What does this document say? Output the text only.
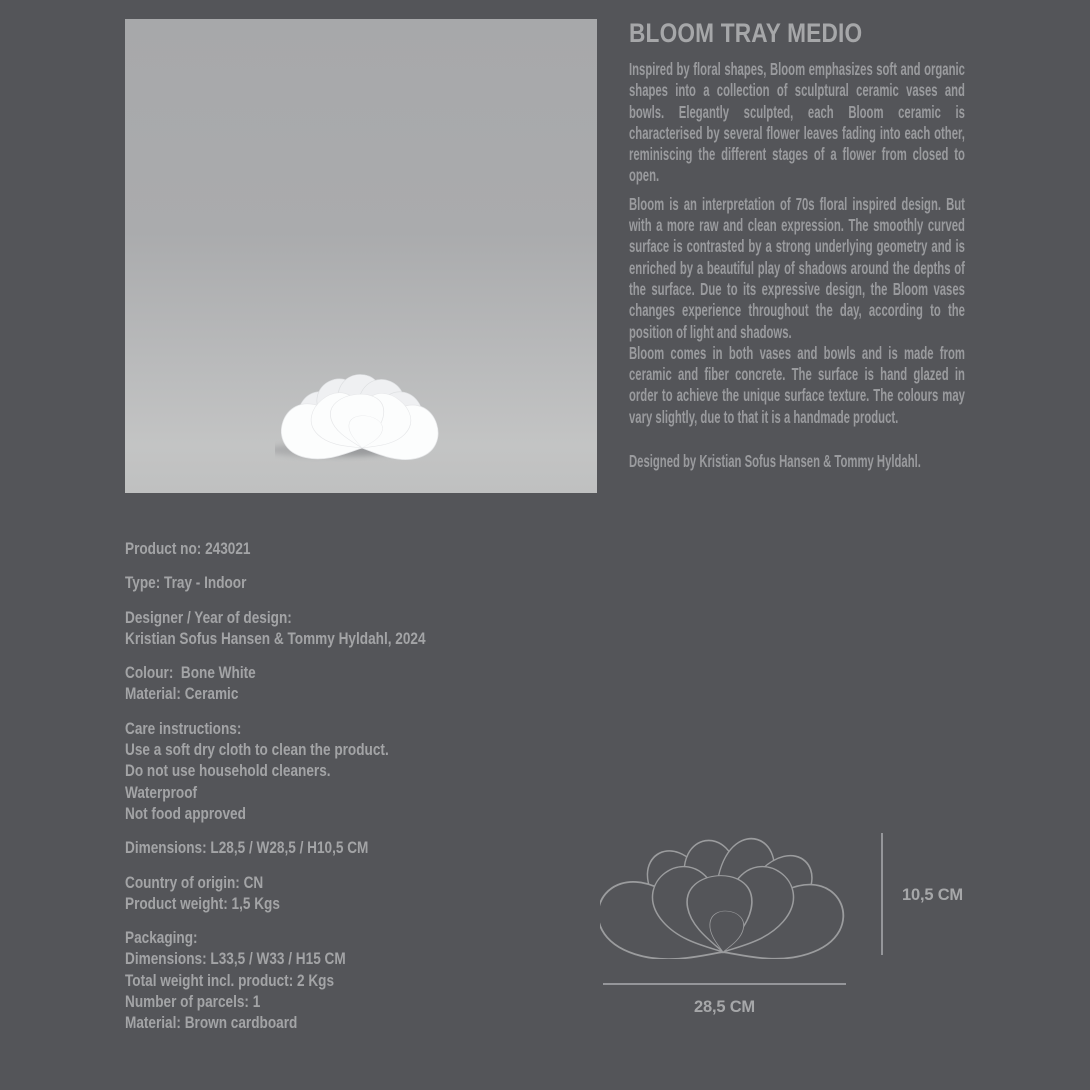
BLOOM TRAY MEDIO

Inspired by floral shapes, Bloom emphasizes soft and organic shapes into a collection of sculptural ceramic vases and bowls. Elegantly sculpted, each Bloom ceramic is characterised by several flower leaves fading into each other, reminiscing the different stages of a flower from closed to open.

Bloom is an interpretation of 70s floral inspired design. But with a more raw and clean expression. The smoothly curved surface is contrasted by a strong underlying geometry and is enriched by a beautiful play of shadows around the depths of the surface. Due to its expressive design, the Bloom vases changes experience throughout the day, according to the position of light and shadows.

Bloom comes in both vases and bowls and is made from ceramic and fiber concrete. The surface is hand glazed in order to achieve the unique surface texture. The colours may vary slightly, due to that it is a handmade product.

Designed by Kristian Sofus Hansen & Tommy Hyldahl.

Product no: 243021
Type: Tray - Indoor
Designer / Year of design:
Kristian Sofus Hansen & Tommy Hyldahl, 2024
Colour:  Bone White
Material: Ceramic
Care instructions:
Use a soft dry cloth to clean the product.
Do not use household cleaners.
Waterproof
Not food approved
Dimensions: L28,5 / W28,5 / H10,5 CM
Country of origin: CN
Product weight: 1,5 Kgs
Packaging:
Dimensions: L33,5 / W33 / H15 CM
Total weight incl. product: 2 Kgs
Number of parcels: 1
Material: Brown cardboard
10,5 CM
28,5 CM
